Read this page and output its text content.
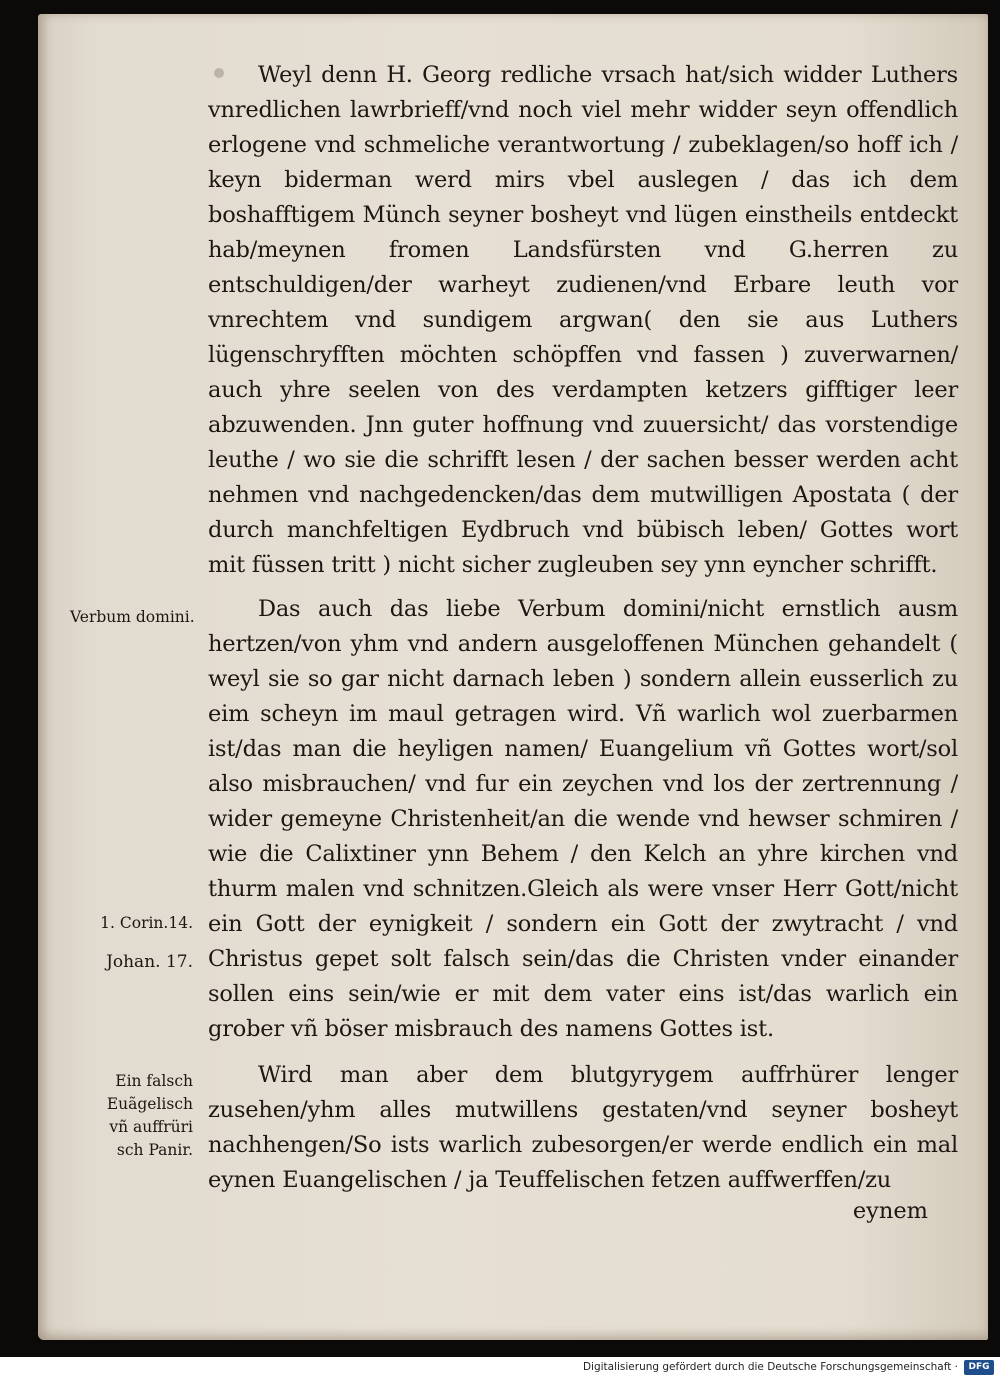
Weyl denn H. Georg redliche vrsach hat/sich widder Luthers vnredlichen lawrbrieff/vnd noch viel mehr widder seyn offendlich erlogene vnd schmeliche verantwortung / zubeklagen/so hoff ich / keyn biderman werd mirs vbel auslegen / das ich dem boshafftigem Münch seyner bosheyt vnd lügen einstheils entdeckt hab/meynen fromen Landsfürsten vnd G.herren zu entschuldigen/der warheyt zudienen/vnd Erbare leuth vor vnrechtem vnd sundigem argwan( den sie aus Luthers lügenschryfften möchten schöpffen vnd fassen ) zuverwarnen/ auch yhre seelen von des verdampten ketzers gifftiger leer abzuwenden. Jnn guter hoffnung vnd zuuersicht/ das vorstendige leuthe / wo sie die schrifft lesen / der sachen besser werden acht nehmen vnd nachgedencken/das dem mutwilligen Apostata ( der durch manchfeltigen Eydbruch vnd bübisch leben/ Gottes wort mit füssen tritt ) nicht sicher zugleuben sey ynn eyncher schrifft.

Das auch das liebe Verbum domini/nicht ernstlich ausm hertzen/von yhm vnd andern ausgeloffenen München gehandelt ( weyl sie so gar nicht darnach leben ) sondern allein eusserlich zu eim scheyn im maul getragen wird. Vñ warlich wol zuerbarmen ist/das man die heyligen namen/ Euangelium vñ Gottes wort/sol also misbrauchen/ vnd fur ein zeychen vnd los der zertrennung / wider gemeyne Christenheit/an die wende vnd hewser schmiren / wie die Calixtiner ynn Behem / den Kelch an yhre kirchen vnd thurm malen vnd schnitzen.Gleich als were vnser Herr Gott/nicht ein Gott der eynigkeit / sondern ein Gott der zwytracht / vnd Christus gepet solt falsch sein/das die Christen vnder einander sollen eins sein/wie er mit dem vater eins ist/das warlich ein grober vñ böser misbrauch des namens Gottes ist.

Wird man aber dem blutgyrygem auffrhürer lenger zusehen/yhm alles mutwillens gestaten/vnd seyner bosheyt nachhengen/So ists warlich zubesorgen/er werde endlich ein mal eynen Euangelischen / ja Teuffelischen fetzen auffwerffen/zu

eynem
Verbum domini.
1. Corin.14.
Johan. 17.
Ein falsch
Euãgelisch
vñ auffrüri
sch Panir.
Digitalisierung gefördert durch die Deutsche Forschungsgemeinschaft ·	DFG
